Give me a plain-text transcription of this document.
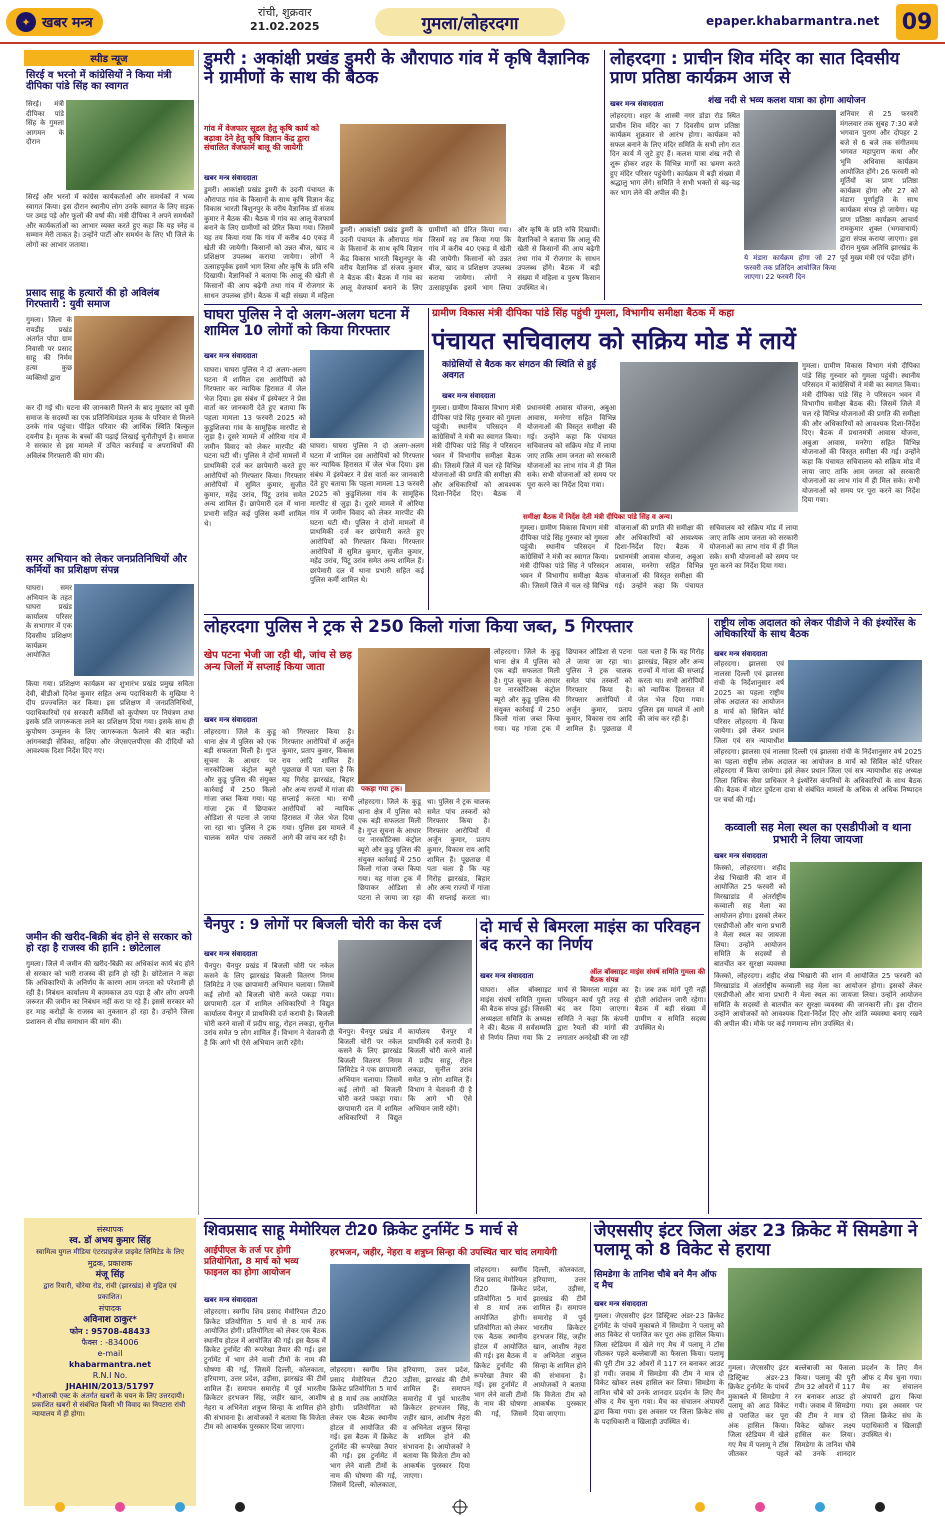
✦ खबर मन्त्र
रांची, शुक्रवार
21.02.2025	गुमला/लोहरदगा	epaper.khabarmantra.net 09
स्पीड न्यूज
सिरई व भरनो में कांग्रेसियों ने किया मंत्री दीपिका पांडे सिंह का स्वागत
सिरई। मंत्री दीपिका पांडे सिंह के गुमला आगमन के दौरान
सिरई और भरनो में कांग्रेस कार्यकर्ताओं और समर्थकों ने भव्य स्वागत किया। इस दौरान स्थानीय लोग उनके स्वागत के लिए सड़क पर उमड़ पड़े और फूलों की वर्षा की। मंत्री दीपिका ने अपने समर्थकों और कार्यकर्ताओं का आभार व्यक्त करते हुए कहा कि यह स्नेह व सम्मान मेरी ताकत है। उन्होंने पार्टी और समर्थन के लिए भी जिले के लोगों का आभार जताया।
प्रसाद साहू के हत्यारों की हो अविलंब गिरफ्तारी : युवी समाज
गुमला। जिला के रायडीह प्रखंड अंतर्गत पोग्रा ग्राम निवासी पर प्रसाद साहू की निर्मम हत्या कुछ व्यक्तियों द्वारा
कर दी गई थी। घटना की जानकारी मिलने के बाद मुख्तार को युवी समाज के सदस्यों का एक प्रतिनिधिमंडल मृतक के परिवार से मिलने उनके गांव पहुंचा। पीड़ित परिवार की आर्थिक स्थिति बिल्कुल दयनीय है। मृतक के बच्चों की पढ़ाई लिखाई चुनौतीपूर्ण है। समाज ने सरकार से इस मामले में उचित कार्रवाई व अपराधियों की अविलंब गिरफ्तारी की मांग की।
समर अभियान को लेकर जनप्रतिनिधियों और कर्मियों का प्रशिक्षण संपन्न
घाघरा। समर अभियान के तहत घाघरा प्रखंड कार्यालय परिसर के सभागार में एक दिवसीय प्रशिक्षण कार्यक्रम आयोजित
किया गया। प्रशिक्षण कार्यक्रम का शुभारंभ प्रखंड प्रमुख सविता देवी, बीडीओ दिनेश कुमार सहित अन्य पदाधिकारी के मुखिया ने दीप प्रज्ज्वलित कर किया। इस प्रशिक्षण में जनप्रतिनिधियों, पदाधिकारियों एवं सरकारी कर्मियों को कुपोषण पर नियंत्रण तथा इसके प्रति जागरूकता लाने का प्रशिक्षण दिया गया। इसके साथ ही कुपोषण उन्मूलन के लिए जागरूकता फैलाने की बात कही। आंगनबाड़ी सेविका, सहिया और जेएसएलपीएस की दीदियों को आवश्यक दिशा निर्देश दिए गए।
जमीन की खरीद-बिक्री बंद होने से सरकार को हो रहा है राजस्व की हानि : छोटेलाल
गुमला। जिले में जमीन की खरीद-बिक्री का अधिकांश कार्य बंद होने से सरकार को भारी राजस्व की हानि हो रही है। छोटेलाल ने कहा कि अधिकारियों के अनिर्णय के कारण आम जनता को परेशानी हो रही है। निबंधन कार्यालय में कामकाज ठप पड़ा है और लोग अपनी जरूरत की जमीन का निबंधन नहीं करा पा रहे हैं। इससे सरकार को हर माह करोड़ों के राजस्व का नुकसान हो रहा है। उन्होंने जिला प्रशासन से शीघ्र समाधान की मांग की।
संस्थापक
स्व. डॉ अभय कुमार सिंह
स्वामित्व युगल मीडिया एंटरप्राइजेज प्राइवेट लिमिटेड के लिए
मुद्रक, प्रकाशक
मंजू सिंह
द्वारा रिवारी, चोरेया रोड, रांची (झारखंड) से मुद्रित एवं प्रकाशित।
संपादक
अविनाश ठाकुर*
फोन : 95708-48433
फैक्स : -834006
e-mail
khabarmantra.net
R.N.I No.
JHAHIN/2013/51797
*पीआरबी एक्ट के अंतर्गत खबरों के चयन के लिए उत्तरदायी। प्रकाशित खबरों से संबंधित किसी भी विवाद का निपटारा रांची न्यायालय में ही होगा।
डुमरी : अकांक्षी प्रखंड डुमरी के औरापाठ गांव में कृषि वैज्ञानिक ने ग्रामीणों के साथ की बैठक
गांव में वेजफार सूडल हेतु कृषि कार्य को बढ़ावा देने हेतु कृषि विज्ञान केंद्र द्वारा संचालित वेंजफार्म बालू की जायेगी
खबर मन्त्र संवाददाता
डुमरी। आकांक्षी प्रखंड डुमरी के उदनी पंचायत के औरापाठ गांव के किसानों के साथ कृषि विज्ञान केंद्र विकास भारती बिशुनपुर के वरीय वैज्ञानिक डॉ संजय कुमार ने बैठक की। बैठक में गांव का आलू वेजफार्म बनाने के लिए ग्रामीणों को प्रेरित किया गया। जिसमें यह तय किया गया कि गांव में करीब 40 एकड़ में खेती की जायेगी। किसानों को उन्नत बीज, खाद व प्रशिक्षण उपलब्ध कराया जायेगा। लोगों ने उत्साहपूर्वक इसमें भाग लिया और कृषि के प्रति रुचि दिखायी। वैज्ञानिकों ने बताया कि आलू की खेती से किसानों की आय बढ़ेगी तथा गांव में रोजगार के साधन उपलब्ध होंगे। बैठक में बड़ी संख्या में महिला
डुमरी। आकांक्षी प्रखंड डुमरी के उदनी पंचायत के औरापाठ गांव के किसानों के साथ कृषि विज्ञान केंद्र विकास भारती बिशुनपुर के वरीय वैज्ञानिक डॉ संजय कुमार ने बैठक की। बैठक में गांव का आलू वेजफार्म बनाने के लिए ग्रामीणों को प्रेरित किया गया। जिसमें यह तय किया गया कि गांव में करीब 40 एकड़ में खेती की जायेगी। किसानों को उन्नत बीज, खाद व प्रशिक्षण उपलब्ध कराया जायेगा। लोगों ने उत्साहपूर्वक इसमें भाग लिया और कृषि के प्रति रुचि दिखायी। वैज्ञानिकों ने बताया कि आलू की खेती से किसानों की आय बढ़ेगी तथा गांव में रोजगार के साधन उपलब्ध होंगे। बैठक में बड़ी संख्या में महिला व पुरुष किसान उपस्थित थे।
लोहरदगा : प्राचीन शिव मंदिर का सात दिवसीय प्राण प्रतिष्ठा कार्यक्रम आज से
शंख नदी से भव्य कलश यात्रा का होगा आयोजन
खबर मन्त्र संवाददाता
लोहरदगा। शहर के शास्त्री नगर डोडा रोड स्थित प्राचीन शिव मंदिर का 7 दिवसीय प्राण प्रतिष्ठा कार्यक्रम शुक्रवार से आरंभ होगा। कार्यक्रम को सफल बनाने के लिए मंदिर समिति के सभी लोग रात दिन कार्य में जुटे हुए हैं। कलश यात्रा शंख नदी से शुरू होकर शहर के विभिन्न मार्गों का भ्रमण करते हुए मंदिर परिसर पहुंचेगी। कार्यक्रम में बड़ी संख्या में श्रद्धालु भाग लेंगे। समिति ने सभी भक्तों से बढ़-चढ़ कर भाग लेने की अपील की है।
ये मंडारा कार्यक्रम होगा जो 27 फरवरी तक प्रतिदिन आयोजित किया जाएगा। 22 फरवरी दिन
शनिवार से 25 फरवरी मंगलवार तक सुबह 7:30 बजे भगवान पुराण और दोपहर 2 बजे से 6 बजे तक संगीतमय भगवत महापुराण कथा और भूमि अधिवास कार्यक्रम आयोजित होंगे। 26 फरवरी को मूर्तियों का प्राण प्रतिष्ठा कार्यक्रम होगा और 27 को मंडारा पूर्णाहुति के साथ कार्यक्रम संपन्न हो जायेगा। यह प्राण प्रतिष्ठा कार्यक्रम आचार्य रामकुमार शुक्ल (भगवाचार्य) द्वारा संपन्न कराया जाएगा। इस दौरान मुख्य अतिथि झारखंड के पूर्व मुख्य मंत्री एवं पदेंडा होंगे।
घाघरा पुलिस ने दो अलग-अलग घटना में शामिल 10 लोगों को किया गिरफ्तार
खबर मन्त्र संवाददाता
घाघरा। घाघरा पुलिस ने दो अलग-अलग घटना में शामिल दस आरोपियों को गिरफ्तार कर न्यायिक हिरासत में जेल भेज दिया। इस संबंध में इंस्पेक्टर ने प्रेस वार्ता कर जानकारी देते हुए बताया कि पहला मामला 13 फरवरी 2025 को कुडुशिलवा गांव के सामूहिक मारपीट से जुड़ा है। दूसरे मामले में ओरिया गांव में जमीन विवाद को लेकर मारपीट की घटना घटी थी। पुलिस ने दोनों मामलों में प्राथमिकी दर्ज कर छापेमारी करते हुए आरोपियों को गिरफ्तार किया। गिरफ्तार आरोपियों में सुमित कुमार, सुजीत कुमार, महेंद्र उरांव, पिंटू उरांव समेत अन्य शामिल हैं। छापेमारी दल में थाना प्रभारी सहित कई पुलिस कर्मी शामिल थे।
घाघरा। घाघरा पुलिस ने दो अलग-अलग घटना में शामिल दस आरोपियों को गिरफ्तार कर न्यायिक हिरासत में जेल भेज दिया। इस संबंध में इंस्पेक्टर ने प्रेस वार्ता कर जानकारी देते हुए बताया कि पहला मामला 13 फरवरी 2025 को कुडुशिलवा गांव के सामूहिक मारपीट से जुड़ा है। दूसरे मामले में ओरिया गांव में जमीन विवाद को लेकर मारपीट की घटना घटी थी। पुलिस ने दोनों मामलों में प्राथमिकी दर्ज कर छापेमारी करते हुए आरोपियों को गिरफ्तार किया। गिरफ्तार आरोपियों में सुमित कुमार, सुजीत कुमार, महेंद्र उरांव, पिंटू उरांव समेत अन्य शामिल हैं। छापेमारी दल में थाना प्रभारी सहित कई पुलिस कर्मी शामिल थे।
ग्रामीण विकास मंत्री दीपिका पांडे सिंह पहुंची गुमला, विभागीय समीक्षा बैठक में कहा
पंचायत सचिवालय को सक्रिय मोड में लायें
कांग्रेसियों से बैठक कर संगठन की स्थिति से हुई अवगत
खबर मन्त्र संवाददाता
समीक्षा बैठक में निर्देश देती मंत्री दीपिका पांडे सिंह व अन्य।
गुमला। ग्रामीण विकास विभाग मंत्री दीपिका पांडे सिंह गुरुवार को गुमला पहुंची। स्थानीय परिसदन में कांग्रेसियों ने मंत्री का स्वागत किया। मंत्री दीपिका पांडे सिंह ने परिसदन भवन में विभागीय समीक्षा बैठक की। जिसमें जिले में चल रहे विभिन्न योजनाओं की प्रगति की समीक्षा की और अधिकारियों को आवश्यक दिशा-निर्देश दिए। बैठक में प्रधानमंत्री आवास योजना, अबुआ आवास, मनरेगा सहित विभिन्न योजनाओं की विस्तृत समीक्षा की गई। उन्होंने कहा कि पंचायत सचिवालय को सक्रिय मोड में लाया जाए ताकि आम जनता को सरकारी योजनाओं का लाभ गांव में ही मिल सके। सभी योजनाओं को समय पर पूरा करने का निर्देश दिया गया।
गुमला। ग्रामीण विकास विभाग मंत्री दीपिका पांडे सिंह गुरुवार को गुमला पहुंची। स्थानीय परिसदन में कांग्रेसियों ने मंत्री का स्वागत किया। मंत्री दीपिका पांडे सिंह ने परिसदन भवन में विभागीय समीक्षा बैठक की। जिसमें जिले में चल रहे विभिन्न योजनाओं की प्रगति की समीक्षा की और अधिकारियों को आवश्यक दिशा-निर्देश दिए। बैठक में प्रधानमंत्री आवास योजना, अबुआ आवास, मनरेगा सहित विभिन्न योजनाओं की विस्तृत समीक्षा की गई। उन्होंने कहा कि पंचायत सचिवालय को सक्रिय मोड में लाया जाए ताकि आम जनता को सरकारी योजनाओं का लाभ गांव में ही मिल सके। सभी योजनाओं को समय पर पूरा करने का निर्देश दिया गया।
गुमला। ग्रामीण विकास विभाग मंत्री दीपिका पांडे सिंह गुरुवार को गुमला पहुंची। स्थानीय परिसदन में कांग्रेसियों ने मंत्री का स्वागत किया। मंत्री दीपिका पांडे सिंह ने परिसदन भवन में विभागीय समीक्षा बैठक की। जिसमें जिले में चल रहे विभिन्न योजनाओं की प्रगति की समीक्षा की और अधिकारियों को आवश्यक दिशा-निर्देश दिए। बैठक में प्रधानमंत्री आवास योजना, अबुआ आवास, मनरेगा सहित विभिन्न योजनाओं की विस्तृत समीक्षा की गई। उन्होंने कहा कि पंचायत सचिवालय को सक्रिय मोड में लाया जाए ताकि आम जनता को सरकारी योजनाओं का लाभ गांव में ही मिल सके। सभी योजनाओं को समय पर पूरा करने का निर्देश दिया गया।
लोहरदगा पुलिस ने ट्रक से 250 किलो गांजा किया जब्त, 5 गिरफ्तार
खेप पटना भेजी जा रही थी, जांच से छह अन्य जिलों में सप्लाई किया जाता
खबर मन्त्र संवाददाता
पकड़ा गया ट्रक।
लोहरदगा। जिले के कुडू थाना क्षेत्र में पुलिस को एक बड़ी सफलता मिली है। गुप्त सूचना के आधार पर नारकोटिक्स कंट्रोल ब्यूरो और कुडू पुलिस की संयुक्त कार्रवाई में 250 किलो गांजा जब्त किया गया। यह गांजा ट्रक में छिपाकर ओडिशा से पटना ले जाया जा रहा था। पुलिस ने ट्रक चालक समेत पांच तस्करों को गिरफ्तार किया है। गिरफ्तार आरोपियों में अर्जुन कुमार, प्रताप कुमार, विकास राय आदि शामिल हैं। पूछताछ में पता चला है कि यह गिरोह झारखंड, बिहार और अन्य राज्यों में गांजा की सप्लाई करता था। सभी आरोपियों को न्यायिक हिरासत में जेल भेज दिया गया। पुलिस इस मामले में आगे की जांच कर रही है।
लोहरदगा। जिले के कुडू थाना क्षेत्र में पुलिस को एक बड़ी सफलता मिली है। गुप्त सूचना के आधार पर नारकोटिक्स कंट्रोल ब्यूरो और कुडू पुलिस की संयुक्त कार्रवाई में 250 किलो गांजा जब्त किया गया। यह गांजा ट्रक में छिपाकर ओडिशा से पटना ले जाया जा रहा था। पुलिस ने ट्रक चालक समेत पांच तस्करों को गिरफ्तार किया है। गिरफ्तार आरोपियों में अर्जुन कुमार, प्रताप कुमार, विकास राय आदि शामिल हैं। पूछताछ में पता चला है कि यह गिरोह झारखंड, बिहार और अन्य राज्यों में गांजा की सप्लाई करता था।
लोहरदगा। जिले के कुडू थाना क्षेत्र में पुलिस को एक बड़ी सफलता मिली है। गुप्त सूचना के आधार पर नारकोटिक्स कंट्रोल ब्यूरो और कुडू पुलिस की संयुक्त कार्रवाई में 250 किलो गांजा जब्त किया गया। यह गांजा ट्रक में छिपाकर ओडिशा से पटना ले जाया जा रहा था। पुलिस ने ट्रक चालक समेत पांच तस्करों को गिरफ्तार किया है। गिरफ्तार आरोपियों में अर्जुन कुमार, प्रताप कुमार, विकास राय आदि शामिल हैं। पूछताछ में पता चला है कि यह गिरोह झारखंड, बिहार और अन्य राज्यों में गांजा की सप्लाई करता था। सभी आरोपियों को न्यायिक हिरासत में जेल भेज दिया गया। पुलिस इस मामले में आगे की जांच कर रही है।
राष्ट्रीय लोक अदालत को लेकर पीडीजे ने की इंश्योरेंस के अधिकारियों के साथ बैठक
खबर मन्त्र संवाददाता
लोहरदगा। झालसा एवं नालसा दिल्ली एवं झालसा रांची के निर्देशानुसार वर्ष 2025 का पहला राष्ट्रीय लोक अदालत का आयोजन 8 मार्च को सिविल कोर्ट परिसर लोहरदगा में किया जायेगा। इसे लेकर प्रधान जिला एवं सत्र न्यायाधीश
लोहरदगा। झालसा एवं नालसा दिल्ली एवं झालसा रांची के निर्देशानुसार वर्ष 2025 का पहला राष्ट्रीय लोक अदालत का आयोजन 8 मार्च को सिविल कोर्ट परिसर लोहरदगा में किया जायेगा। इसे लेकर प्रधान जिला एवं सत्र न्यायाधीश सह अध्यक्ष जिला विधिक सेवा प्राधिकार ने इंश्योरेंस कंपनियों के अधिकारियों के साथ बैठक की। बैठक में मोटर दुर्घटना दावा से संबंधित मामलों के अधिक से अधिक निष्पादन पर चर्चा की गई।
कव्वाली सह मेला स्थल का एसडीपीओ व थाना प्रभारी ने लिया जायजा
खबर मन्त्र संवाददाता
किस्को, लोहरदगा। शहीद शेख भिखारी की शान में आयोजित 25 फरवरी को मिरखाडांड में अंतर्राष्ट्रीय कव्वाली सह मेला का आयोजन होगा। इसको लेकर एसडीपीओ और थाना प्रभारी ने मेला स्थल का जायजा लिया। उन्होंने आयोजन समिति के सदस्यों से बातचीत कर सुरक्षा व्यवस्था
किस्को, लोहरदगा। शहीद शेख भिखारी की शान में आयोजित 25 फरवरी को मिरखाडांड में अंतर्राष्ट्रीय कव्वाली सह मेला का आयोजन होगा। इसको लेकर एसडीपीओ और थाना प्रभारी ने मेला स्थल का जायजा लिया। उन्होंने आयोजन समिति के सदस्यों से बातचीत कर सुरक्षा व्यवस्था की जानकारी ली। इस दौरान उन्होंने आयोजकों को आवश्यक दिशा-निर्देश दिए और शांति व्यवस्था बनाए रखने की अपील की। मौके पर कई गणमान्य लोग उपस्थित थे।
चैनपुर : 9 लोगों पर बिजली चोरी का केस दर्ज
खबर मन्त्र संवाददाता
चैनपुर। चैनपुर प्रखंड में बिजली चोरी पर नकेल कसने के लिए झारखंड बिजली वितरण निगम लिमिटेड ने एक छापामारी अभियान चलाया। जिसमें कई लोगों को बिजली चोरी करते पकड़ा गया। छापामारी दल में शामिल अधिकारियों ने विद्युत कार्यालय चैनपुर में प्राथमिकी दर्ज करायी है। बिजली चोरी करने वालों में प्रदीप साहू, रोहन लकड़ा, सुनील उरांव समेत 9 लोग शामिल हैं। विभाग ने चेतावनी दी है कि आगे भी ऐसे अभियान जारी रहेंगे।
चैनपुर। चैनपुर प्रखंड में बिजली चोरी पर नकेल कसने के लिए झारखंड बिजली वितरण निगम लिमिटेड ने एक छापामारी अभियान चलाया। जिसमें कई लोगों को बिजली चोरी करते पकड़ा गया। छापामारी दल में शामिल अधिकारियों ने विद्युत कार्यालय चैनपुर में प्राथमिकी दर्ज करायी है। बिजली चोरी करने वालों में प्रदीप साहू, रोहन लकड़ा, सुनील उरांव समेत 9 लोग शामिल हैं। विभाग ने चेतावनी दी है कि आगे भी ऐसे अभियान जारी रहेंगे।
दो मार्च से बिमरला माइंस का परिवहन बंद करने का निर्णय
खबर मन्त्र संवाददाता	ऑल बॉक्साइट माइंस संघर्ष समिति गुमला की बैठक संपन्न
घाघरा। ऑल बॉक्साइट माइंस संघर्ष समिति गुमला की बैठक संपन्न हुई। जिसकी अध्यक्षता समिति के अध्यक्ष ने की। बैठक में सर्वसम्मति से निर्णय लिया गया कि 2 मार्च से बिमरला माइंस का परिवहन कार्य पूरी तरह से बंद कर दिया जाएगा। समिति ने कहा कि कंपनी द्वारा रैयतों की मांगों की लगातार अनदेखी की जा रही है। जब तक मांगें पूरी नहीं होती आंदोलन जारी रहेगा। बैठक में बड़ी संख्या में ग्रामीण व समिति सदस्य उपस्थित थे।
शिवप्रसाद साहू मेमोरियल टी20 क्रिकेट टुर्नामेंट 5 मार्च से
आईपीएल के तर्ज पर होगी प्रतियोगिता, 8 मार्च को भव्य फाइनल का होगा आयोजन
हरभजन, जहीर, नेहरा व शत्रुघ्न सिन्हा की उपस्थित चार चांद लगायेगी
खबर मन्त्र संवाददाता
लोहरदगा। स्वर्गीय शिव प्रसाद मेमोरियल टी20 क्रिकेट प्रतियोगिता 5 मार्च से 8 मार्च तक आयोजित होगी। प्रतियोगिता को लेकर एक बैठक स्थानीय होटल में आयोजित की गई। इस बैठक में क्रिकेट टुर्नामेंट की रूपरेखा तैयार की गई। इस टुर्नामेंट में भाग लेने वाली टीमों के नाम की घोषणा की गई, जिसमें दिल्ली, कोलकाता, हरियाणा, उत्तर प्रदेश, उड़ीसा, झारखंड की टीमें शामिल हैं। समापन समारोह में पूर्व भारतीय क्रिकेटर हरभजन सिंह, जहीर खान, आशीष नेहरा व अभिनेता शत्रुघ्न सिन्हा के शामिल होने की संभावना है। आयोजकों ने बताया कि विजेता टीम को आकर्षक पुरस्कार दिया जाएगा।
लोहरदगा। स्वर्गीय शिव प्रसाद मेमोरियल टी20 क्रिकेट प्रतियोगिता 5 मार्च से 8 मार्च तक आयोजित होगी। प्रतियोगिता को लेकर एक बैठक स्थानीय होटल में आयोजित की गई। इस बैठक में क्रिकेट टुर्नामेंट की रूपरेखा तैयार की गई। इस टुर्नामेंट में भाग लेने वाली टीमों के नाम की घोषणा की गई, जिसमें दिल्ली, कोलकाता, हरियाणा, उत्तर प्रदेश, उड़ीसा, झारखंड की टीमें शामिल हैं। समापन समारोह में पूर्व भारतीय क्रिकेटर हरभजन सिंह, जहीर खान, आशीष नेहरा व अभिनेता शत्रुघ्न सिन्हा के शामिल होने की संभावना है। आयोजकों ने बताया कि विजेता टीम को आकर्षक पुरस्कार दिया जाएगा।
लोहरदगा। स्वर्गीय शिव प्रसाद मेमोरियल टी20 क्रिकेट प्रतियोगिता 5 मार्च से 8 मार्च तक आयोजित होगी। प्रतियोगिता को लेकर एक बैठक स्थानीय होटल में आयोजित की गई। इस बैठक में क्रिकेट टुर्नामेंट की रूपरेखा तैयार की गई। इस टुर्नामेंट में भाग लेने वाली टीमों के नाम की घोषणा की गई, जिसमें दिल्ली, कोलकाता, हरियाणा, उत्तर प्रदेश, उड़ीसा, झारखंड की टीमें शामिल हैं। समापन समारोह में पूर्व भारतीय क्रिकेटर हरभजन सिंह, जहीर खान, आशीष नेहरा व अभिनेता शत्रुघ्न सिन्हा के शामिल होने की संभावना है। आयोजकों ने बताया कि विजेता टीम को आकर्षक पुरस्कार दिया जाएगा।
जेएससीए इंटर जिला अंडर 23 क्रिकेट में सिमडेगा ने पलामू को 8 विकेट से हराया
सिमडेगा के तानिश चौबे बने मैन ऑफ द मैच
खबर मन्त्र संवाददाता
गुमला। जेएससीए इंटर डिस्ट्रिक्ट अंडर-23 क्रिकेट टुर्नामेंट के पांचवें मुकाबले में सिमडेगा ने पलामू को आठ विकेट से पराजित कर पूरा अंक हासिल किया। जिला स्टेडियम में खेले गए मैच में पलामू ने टॉस जीतकर पहले बल्लेबाजी का फैसला किया। पलामू की पूरी टीम 32 ओवरों में 117 रन बनाकर आउट हो गयी। जवाब में सिमडेगा की टीम ने मात्र दो विकेट खोकर लक्ष्य हासिल कर लिया। सिमडेगा के तानिश चौबे को उनके शानदार प्रदर्शन के लिए मैन ऑफ द मैच चुना गया। मैच का संचालन अंपायरों द्वारा किया गया। इस अवसर पर जिला क्रिकेट संघ के पदाधिकारी व खिलाड़ी उपस्थित थे।
गुमला। जेएससीए इंटर डिस्ट्रिक्ट अंडर-23 क्रिकेट टुर्नामेंट के पांचवें मुकाबले में सिमडेगा ने पलामू को आठ विकेट से पराजित कर पूरा अंक हासिल किया। जिला स्टेडियम में खेले गए मैच में पलामू ने टॉस जीतकर पहले बल्लेबाजी का फैसला किया। पलामू की पूरी टीम 32 ओवरों में 117 रन बनाकर आउट हो गयी। जवाब में सिमडेगा की टीम ने मात्र दो विकेट खोकर लक्ष्य हासिल कर लिया। सिमडेगा के तानिश चौबे को उनके शानदार प्रदर्शन के लिए मैन ऑफ द मैच चुना गया। मैच का संचालन अंपायरों द्वारा किया गया। इस अवसर पर जिला क्रिकेट संघ के पदाधिकारी व खिलाड़ी उपस्थित थे।
